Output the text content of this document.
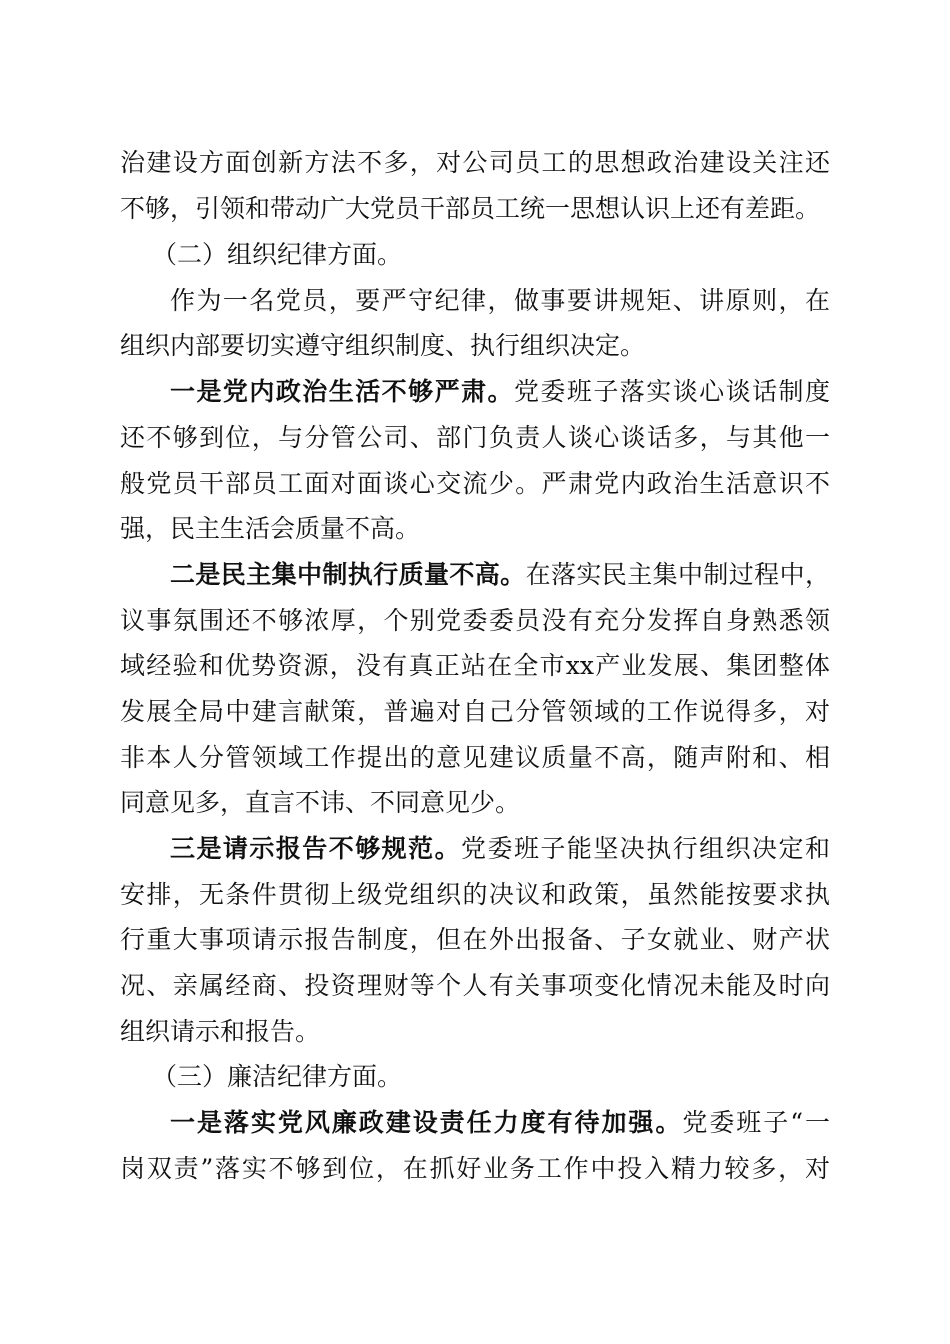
治建设方面创新方法不多，对公司员工的思想政治建设关注还
不够，引领和带动广大党员干部员工统一思想认识上还有差距。
（二）组织纪律方面。
作为一名党员，要严守纪律，做事要讲规矩、讲原则，在
组织内部要切实遵守组织制度、执行组织决定。
一是党内政治生活不够严肃。党委班子落实谈心谈话制度
还不够到位，与分管公司、部门负责人谈心谈话多，与其他一
般党员干部员工面对面谈心交流少。严肃党内政治生活意识不
强，民主生活会质量不高。
二是民主集中制执行质量不高。在落实民主集中制过程中，
议事氛围还不够浓厚，个别党委委员没有充分发挥自身熟悉领
域经验和优势资源，没有真正站在全市xx产业发展、集团整体
发展全局中建言献策，普遍对自己分管领域的工作说得多，对
非本人分管领域工作提出的意见建议质量不高，随声附和、相
同意见多，直言不讳、不同意见少。
三是请示报告不够规范。党委班子能坚决执行组织决定和
安排，无条件贯彻上级党组织的决议和政策，虽然能按要求执
行重大事项请示报告制度，但在外出报备、子女就业、财产状
况、亲属经商、投资理财等个人有关事项变化情况未能及时向
组织请示和报告。
（三）廉洁纪律方面。
一是落实党风廉政建设责任力度有待加强。党委班子“一
岗双责”落实不够到位，在抓好业务工作中投入精力较多，对
